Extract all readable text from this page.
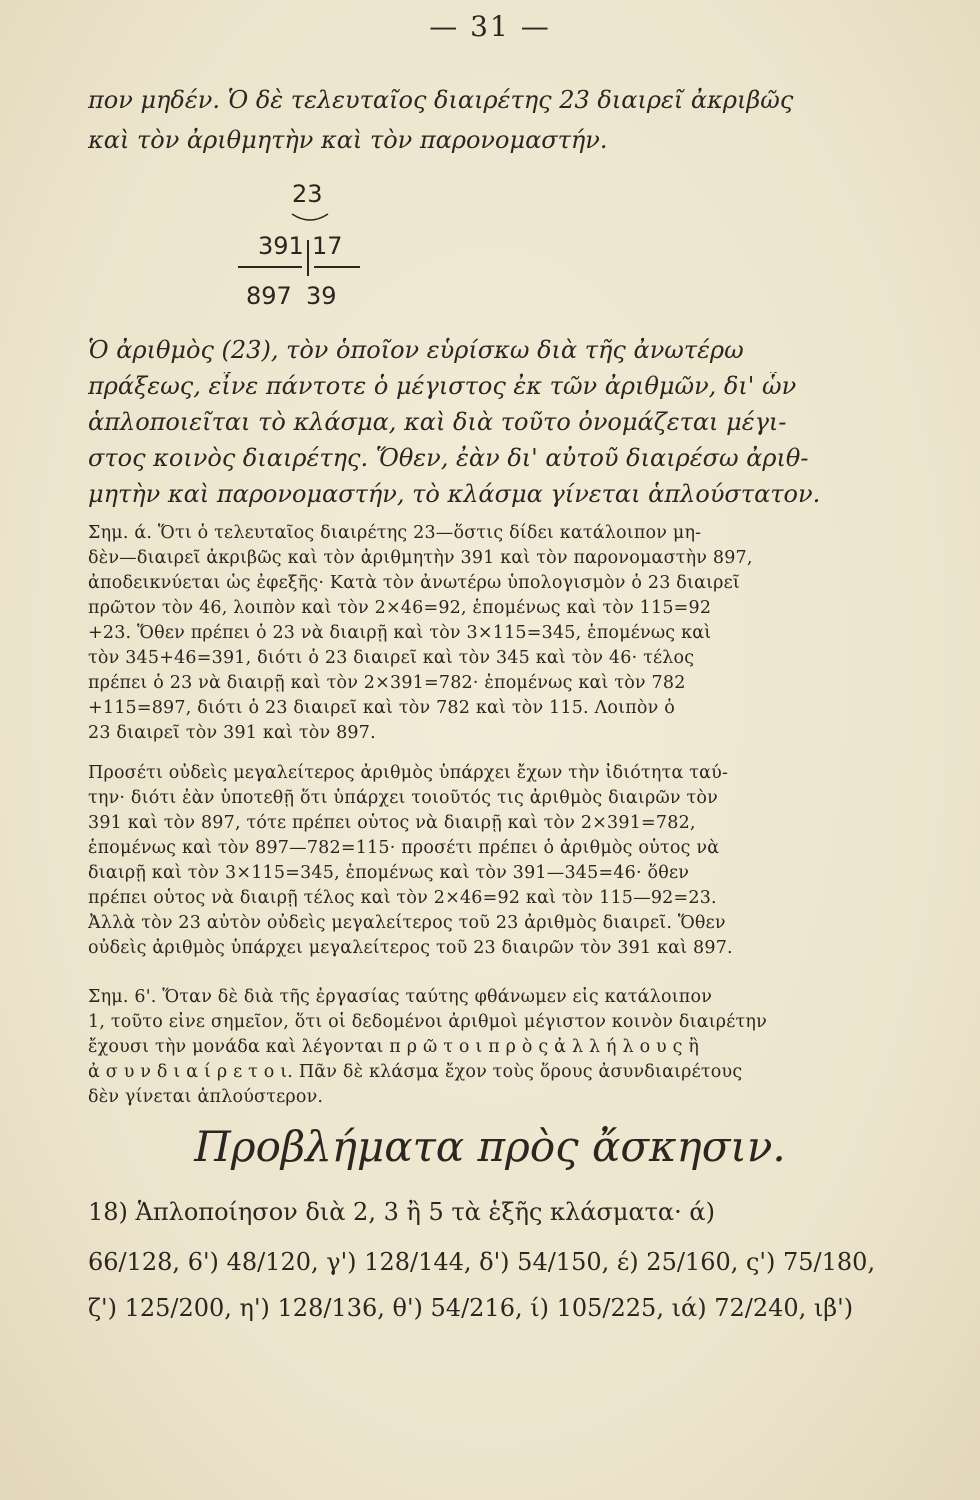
— 31 —
πον μηδέν. Ὁ δὲ τελευταῖος διαιρέτης 23 διαιρεῖ ἀκριβῶς
καὶ τὸν ἀριθμητὴν καὶ τὸν παρονομαστήν.
23
391 17
897 39
Ὁ ἀριθμὸς (23), τὸν ὁποῖον εὑρίσκω διὰ τῆς ἀνωτέρω
πράξεως, εἶνε πάντοτε ὁ μέγιστος ἐκ τῶν ἀριθμῶν, δι' ὧν
ἁπλοποιεῖται τὸ κλάσμα, καὶ διὰ τοῦτο ὀνομάζεται μέγι-
στος κοινὸς διαιρέτης. Ὅθεν, ἐὰν δι' αὐτοῦ διαιρέσω ἀριθ-
μητὴν καὶ παρονομαστήν, τὸ κλάσμα γίνεται ἁπλούστατον.
Σημ. ά. Ὅτι ὁ τελευταῖος διαιρέτης 23—ὅστις δίδει κατάλοιπον μη-
δὲν—διαιρεῖ ἀκριβῶς καὶ τὸν ἀριθμητὴν 391 καὶ τὸν παρονομαστὴν 897,
ἀποδεικνύεται ὡς ἐφεξῆς· Κατὰ τὸν ἀνωτέρω ὑπολογισμὸν ὁ 23 διαιρεῖ
πρῶτον τὸν 46, λοιπὸν καὶ τὸν 2×46=92, ἑπομένως καὶ τὸν 115=92
+23. Ὅθεν πρέπει ὁ 23 νὰ διαιρῇ καὶ τὸν 3×115=345, ἑπομένως καὶ
τὸν 345+46=391, διότι ὁ 23 διαιρεῖ καὶ τὸν 345 καὶ τὸν 46· τέλος
πρέπει ὁ 23 νὰ διαιρῇ καὶ τὸν 2×391=782· ἑπομένως καὶ τὸν 782
+115=897, διότι ὁ 23 διαιρεῖ καὶ τὸν 782 καὶ τὸν 115. Λοιπὸν ὁ
23 διαιρεῖ τὸν 391 καὶ τὸν 897.
Προσέτι οὐδεὶς μεγαλείτερος ἀριθμὸς ὑπάρχει ἔχων τὴν ἰδιότητα ταύ-
την· διότι ἐὰν ὑποτεθῇ ὅτι ὑπάρχει τοιοῦτός τις ἀριθμὸς διαιρῶν τὸν
391 καὶ τὸν 897, τότε πρέπει οὗτος νὰ διαιρῇ καὶ τὸν 2×391=782,
ἑπομένως καὶ τὸν 897—782=115· προσέτι πρέπει ὁ ἀριθμὸς οὗτος νὰ
διαιρῇ καὶ τὸν 3×115=345, ἑπομένως καὶ τὸν 391—345=46· ὅθεν
πρέπει οὗτος νὰ διαιρῇ τέλος καὶ τὸν 2×46=92 καὶ τὸν 115—92=23.
Ἀλλὰ τὸν 23 αὐτὸν οὐδεὶς μεγαλείτερος τοῦ 23 ἀριθμὸς διαιρεῖ. Ὅθεν
οὐδεὶς ἀριθμὸς ὑπάρχει μεγαλείτερος τοῦ 23 διαιρῶν τὸν 391 καὶ 897.
Σημ. 6'. Ὅταν δὲ διὰ τῆς ἐργασίας ταύτης φθάνωμεν εἰς κατάλοιπον
1, τοῦτο εἶνε σημεῖον, ὅτι οἱ δεδομένοι ἀριθμοὶ μέγιστον κοινὸν διαιρέτην
ἔχουσι τὴν μονάδα καὶ λέγονται π ρ ῶ τ ο ι π ρ ὸ ς ἀ λ λ ή λ ο υ ς ἢ
ἀ σ υ ν δ ι α ί ρ ε τ ο ι. Πᾶν δὲ κλάσμα ἔχον τοὺς ὅρους ἀσυνδιαιρέτους
δὲν γίνεται ἁπλούστερον.
Προβλήματα πρὸς ἄσκησιν.
18) Ἁπλοποίησον διὰ 2, 3 ἢ 5 τὰ ἑξῆς κλάσματα· ά)
66/128, 6') 48/120, γ') 128/144, δ') 54/150, έ) 25/160, ς') 75/180,
ζ') 125/200, η') 128/136, θ') 54/216, ί) 105/225, ιά) 72/240, ιβ')
